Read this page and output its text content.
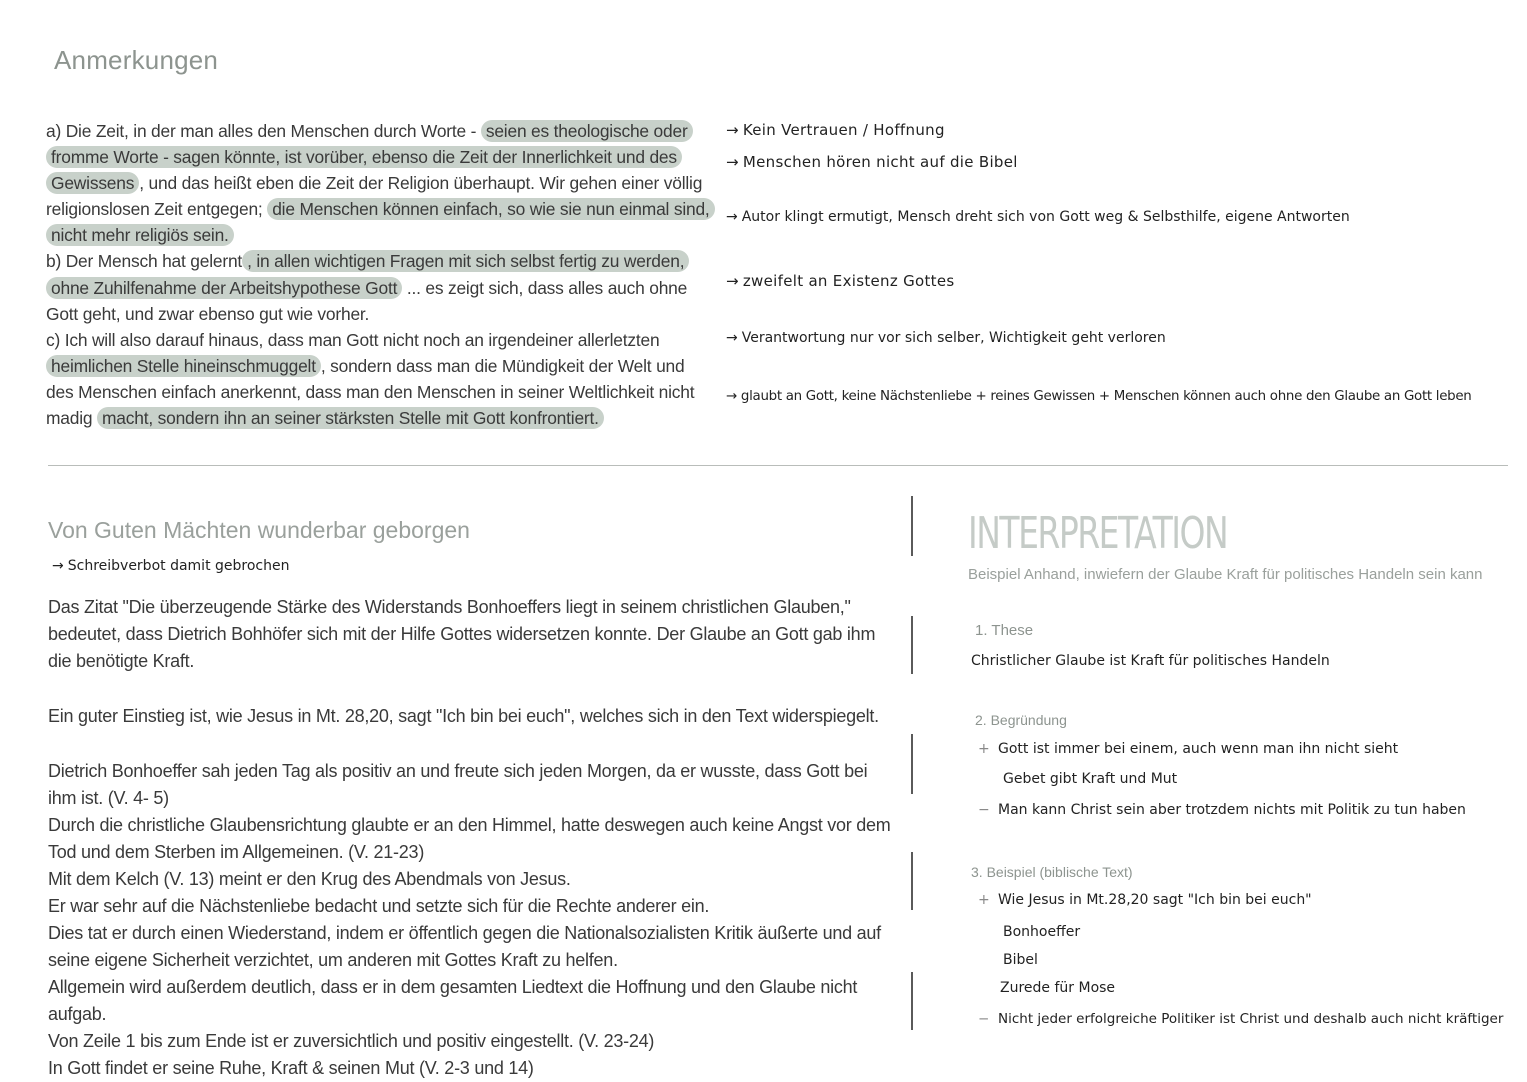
Anmerkungen

a) Die Zeit, in der man alles den Menschen durch Worte - seien es theologische oder fromme Worte - sagen könnte, ist vorüber, ebenso die Zeit der Innerlichkeit und des Gewissens , und das heißt eben die Zeit der Religion überhaupt. Wir gehen einer völlig religionslosen Zeit entgegen; die Menschen können einfach, so wie sie nun einmal sind, nicht mehr religiös sein.

b) Der Mensch hat gelernt , in allen wichtigen Fragen mit sich selbst fertig zu werden, ohne Zuhilfenahme der Arbeitshypothese Gott ... es zeigt sich, dass alles auch ohne Gott geht, und zwar ebenso gut wie vorher.

c) Ich will also darauf hinaus, dass man Gott nicht noch an irgendeiner allerletzten heimlichen Stelle hineinschmuggelt , sondern dass man die Mündigkeit der Welt und des Menschen einfach anerkennt, dass man den Menschen in seiner Weltlichkeit nicht madig macht, sondern ihn an seiner stärksten Stelle mit Gott konfrontiert.

→ Kein Vertrauen / Hoffnung
→ Menschen hören nicht auf die Bibel
→ Autor klingt ermutigt, Mensch dreht sich von Gott weg & Selbsthilfe, eigene Antworten
→ zweifelt an Existenz Gottes
→ Verantwortung nur vor sich selber, Wichtigkeit geht verloren
→ glaubt an Gott, keine Nächstenliebe + reines Gewissen + Menschen können auch ohne den Glaube an Gott leben
Von Guten Mächten wunderbar geborgen
→ Schreibverbot damit gebrochen

Das Zitat "Die überzeugende Stärke des Widerstands Bonhoeffers liegt in seinem christlichen Glauben," bedeutet, dass Dietrich Bohhöfer sich mit der Hilfe Gottes widersetzen konnte. Der Glaube an Gott gab ihm die benötigte Kraft.

Ein guter Einstieg ist, wie Jesus in Mt. 28,20, sagt "Ich bin bei euch", welches sich in den Text widerspiegelt.

Dietrich Bonhoeffer sah jeden Tag als positiv an und freute sich jeden Morgen, da er wusste, dass Gott bei ihm ist. (V. 4- 5)

Durch die christliche Glaubensrichtung glaubte er an den Himmel, hatte deswegen auch keine Angst vor dem Tod und dem Sterben im Allgemeinen. (V. 21-23)

Mit dem Kelch (V. 13) meint er den Krug des Abendmals von Jesus.

Er war sehr auf die Nächstenliebe bedacht und setzte sich für die Rechte anderer ein.

Dies tat er durch einen Wiederstand, indem er öffentlich gegen die Nationalsozialisten Kritik äußerte und auf seine eigene Sicherheit verzichtet, um anderen mit Gottes Kraft zu helfen.

Allgemein wird außerdem deutlich, dass er in dem gesamten Liedtext die Hoffnung und den Glaube nicht aufgab.

Von Zeile 1 bis zum Ende ist er zuversichtlich und positiv eingestellt. (V. 23-24)

In Gott findet er seine Ruhe, Kraft & seinen Mut (V. 2-3 und 14)

INTERPRETATION
Beispiel Anhand, inwiefern der Glaube Kraft für politisches Handeln sein kann
1. These
Christlicher Glaube ist Kraft für politisches Handeln
2. Begründung
+ Gott ist immer bei einem, auch wenn man ihn nicht sieht
Gebet gibt Kraft und Mut
− Man kann Christ sein aber trotzdem nichts mit Politik zu tun haben
3. Beispiel (biblische Text)
+ Wie Jesus in Mt.28,20 sagt "Ich bin bei euch"
Bonhoeffer
Bibel
Zurede für Mose
− Nicht jeder erfolgreiche Politiker ist Christ und deshalb auch nicht kräftiger
